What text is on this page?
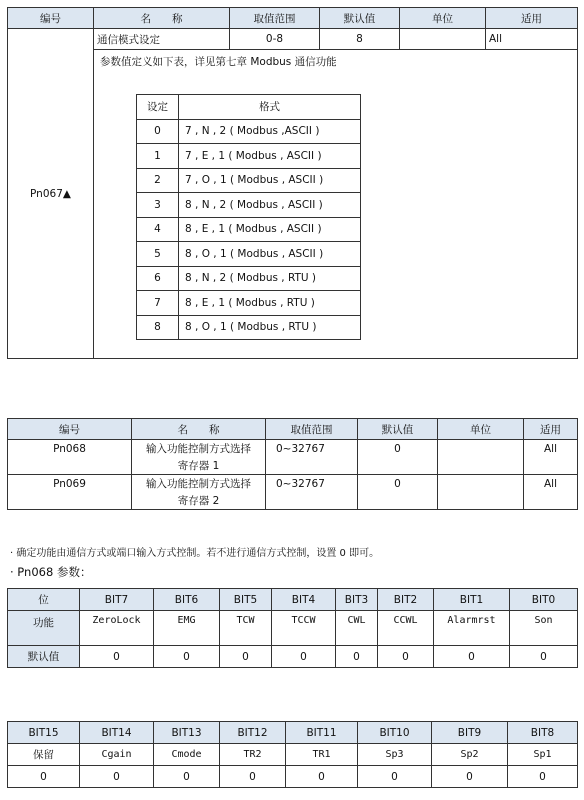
编号	名　　称	取值范围	默认值	单位	适用
Pn067▲	通信模式设定	0-8	8		All

参数值定义如下表，详见第七章 Modbus 通信功能
设定	格式
0	7 , N , 2 ( Modbus ,ASCII )
1	7 , E , 1 ( Modbus , ASCII )
2	7 , O , 1 ( Modbus , ASCII )
3	8 , N , 2 ( Modbus , ASCII )
4	8 , E , 1 ( Modbus , ASCII )
5	8 , O , 1 ( Modbus , ASCII )
6	8 , N , 2 ( Modbus , RTU )
7	8 , E , 1 ( Modbus , RTU )
8	8 , O , 1 ( Modbus , RTU )
编号	名　　称	取值范围	默认值	单位	适用
Pn068	输入功能控制方式选择	0~32767	0		All
	寄存器 1				
Pn069	输入功能控制方式选择	0~32767	0		All
	寄存器 2				
· 确定功能由通信方式或端口输入方式控制。若不进行通信方式控制，设置 0 即可。
· Pn068 参数：
位	BIT7	BIT6	BIT5	BIT4	BIT3	BIT2	BIT1	BIT0
功能	ZeroLock	EMG	TCW	TCCW	CWL	CCWL	Alarmrst	Son
默认值	0	0	0	0	0	0	0	0
BIT15	BIT14	BIT13	BIT12	BIT11	BIT10	BIT9	BIT8
保留	Cgain	Cmode	TR2	TR1	Sp3	Sp2	Sp1
0	0	0	0	0	0	0	0
